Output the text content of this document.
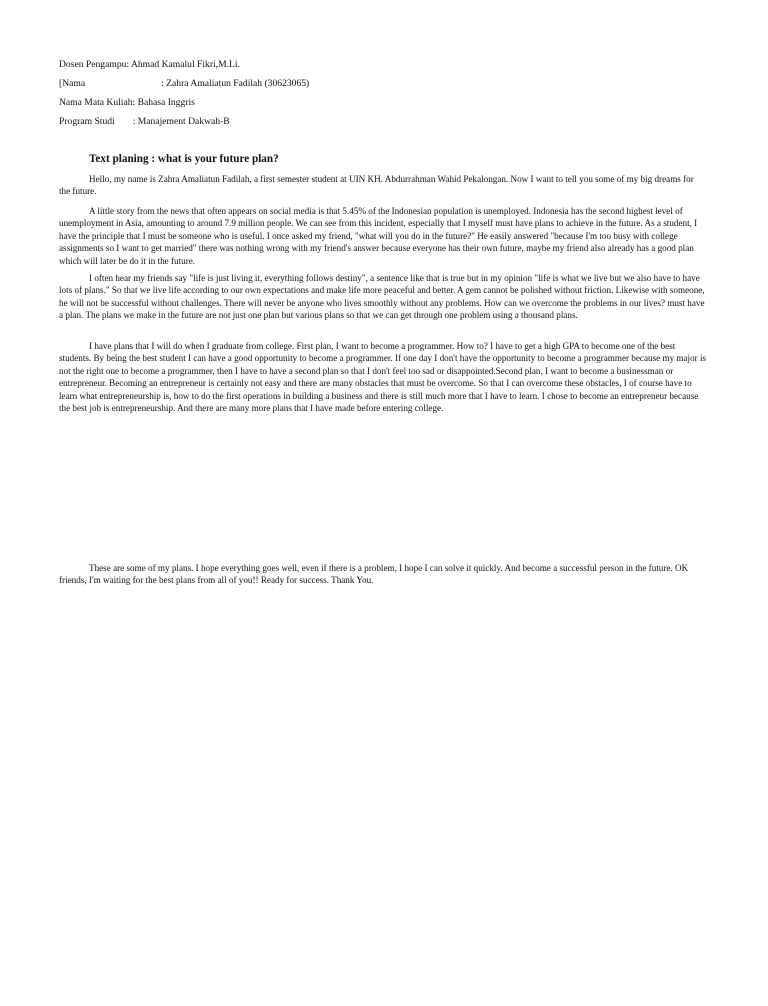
Dosen Pengampu: Ahmad Kamalul Fikri,M.Li.
[Nama	: Zahra Amaliatun Fadilah (30623065)
Nama Mata Kuliah: Bahasa Inggris
Program Studi : Manajement Dakwah-B
Text planing : what is your future plan?

Hello, my name is Zahra Amaliatun Fadilah, a first semester student at UIN KH. Abdurrahman Wahid Pekalongan. Now I want to tell you some of my big dreams for the future.

A little story from the news that often appears on social media is that 5.45% of the Indonesian population is unemployed. Indonesia has the second highest level of unemployment in Asia, amounting to around 7.9 million people. We can see from this incident, especially that I myself must have plans to achieve in the future. As a student, I have the principle that I must be someone who is useful. I once asked my friend, "what will you do in the future?" He easily answered "because I'm too busy with college assignments so I want to get married" there was nothing wrong with my friend's answer because everyone has their own future, maybe my friend also already has a good plan which will later be do it in the future.

I often hear my friends say "life is just living it, everything follows destiny", a sentence like that is true but in my opinion "life is what we live but we also have to have lots of plans." So that we live life according to our own expectations and make life more peaceful and better. A gem cannot be polished without friction. Likewise with someone, he will not be successful without challenges. There will never be anyone who lives smoothly without any problems. How can we overcome the problems in our lives? must have a plan. The plans we make in the future are not just one plan but various plans so that we can get through one problem using a thousand plans.

I have plans that I will do when I graduate from college. First plan, I want to become a programmer. How to? I have to get a high GPA to become one of the best students. By being the best student I can have a good opportunity to become a programmer. If one day I don't have the opportunity to become a programmer because my major is not the right one to become a programmer, then I have to have a second plan so that I don't feel too sad or disappointed.Second plan, I want to become a businessman or entrepreneur. Becoming an entrepreneur is certainly not easy and there are many obstacles that must be overcome. So that I can overcome these obstacles, I of course have to learn what entrepreneurship is, how to do the first operations in building a business and there is still much more that I have to learn. I chose to become an entrepreneur because the best job is entrepreneurship. And there are many more plans that I have made before entering college.

These are some of my plans. I hope everything goes well, even if there is a problem, I hope I can solve it quickly. And become a successful person in the future. OK friends, I'm waiting for the best plans from all of you!! Ready for success. Thank You.
